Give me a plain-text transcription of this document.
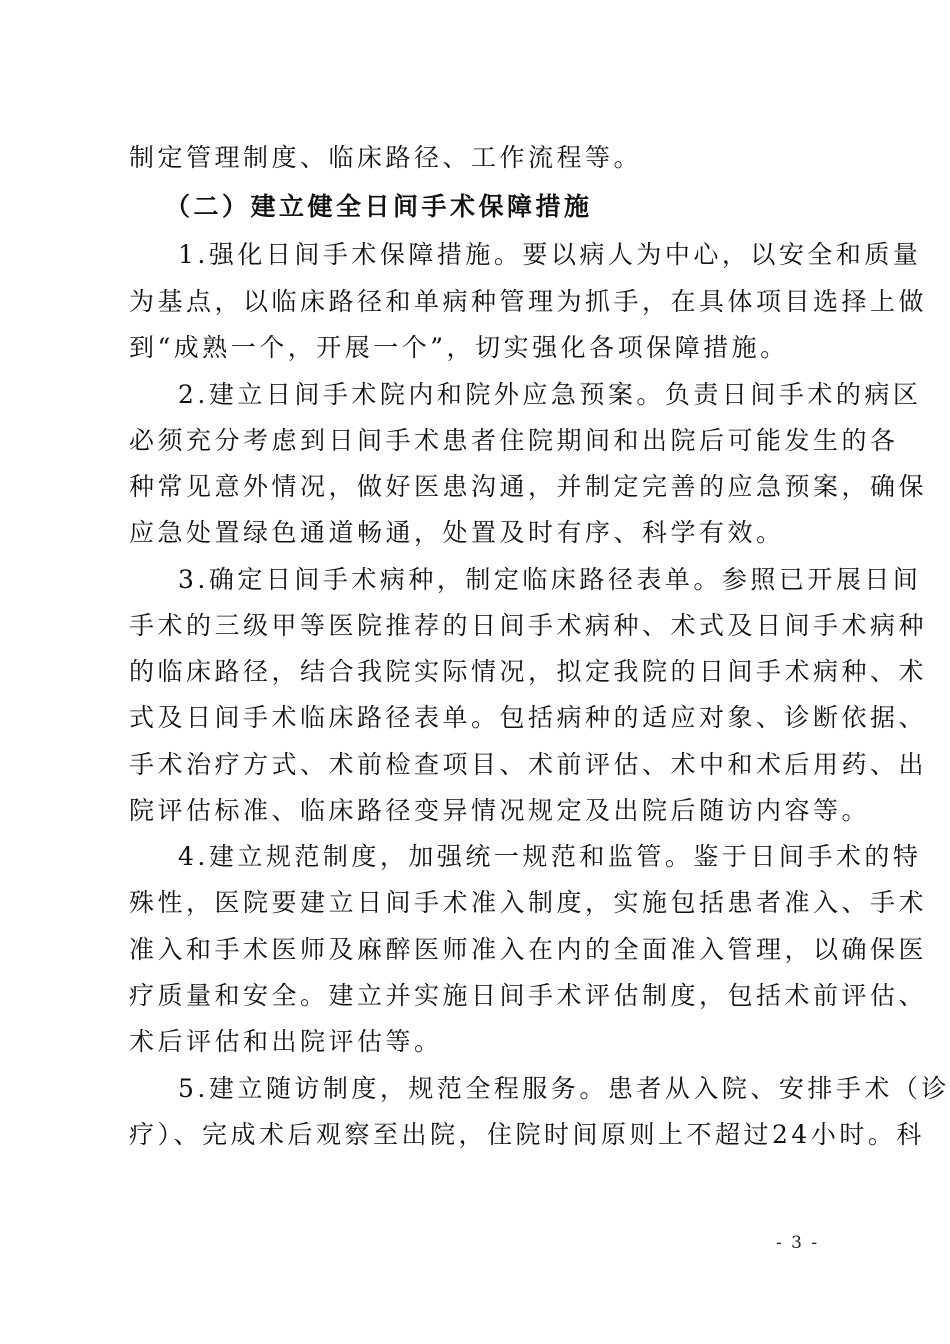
制定管理制度、临床路径、工作流程等。
（二）建立健全日间手术保障措施
1.强化日间手术保障措施。要以病人为中心，以安全和质量
为基点，以临床路径和单病种管理为抓手，在具体项目选择上做
到“成熟一个，开展一个”，切实强化各项保障措施。
2.建立日间手术院内和院外应急预案。负责日间手术的病区
必须充分考虑到日间手术患者住院期间和出院后可能发生的各
种常见意外情况，做好医患沟通，并制定完善的应急预案，确保
应急处置绿色通道畅通，处置及时有序、科学有效。
3.确定日间手术病种，制定临床路径表单。参照已开展日间
手术的三级甲等医院推荐的日间手术病种、术式及日间手术病种
的临床路径，结合我院实际情况，拟定我院的日间手术病种、术
式及日间手术临床路径表单。包括病种的适应对象、诊断依据、
手术治疗方式、术前检查项目、术前评估、术中和术后用药、出
院评估标准、临床路径变异情况规定及出院后随访内容等。
4.建立规范制度，加强统一规范和监管。鉴于日间手术的特
殊性，医院要建立日间手术准入制度，实施包括患者准入、手术
准入和手术医师及麻醉医师准入在内的全面准入管理，以确保医
疗质量和安全。建立并实施日间手术评估制度，包括术前评估、
术后评估和出院评估等。
5.建立随访制度，规范全程服务。患者从入院、安排手术（诊
疗）、完成术后观察至出院，住院时间原则上不超过24小时。科
- 3 -
